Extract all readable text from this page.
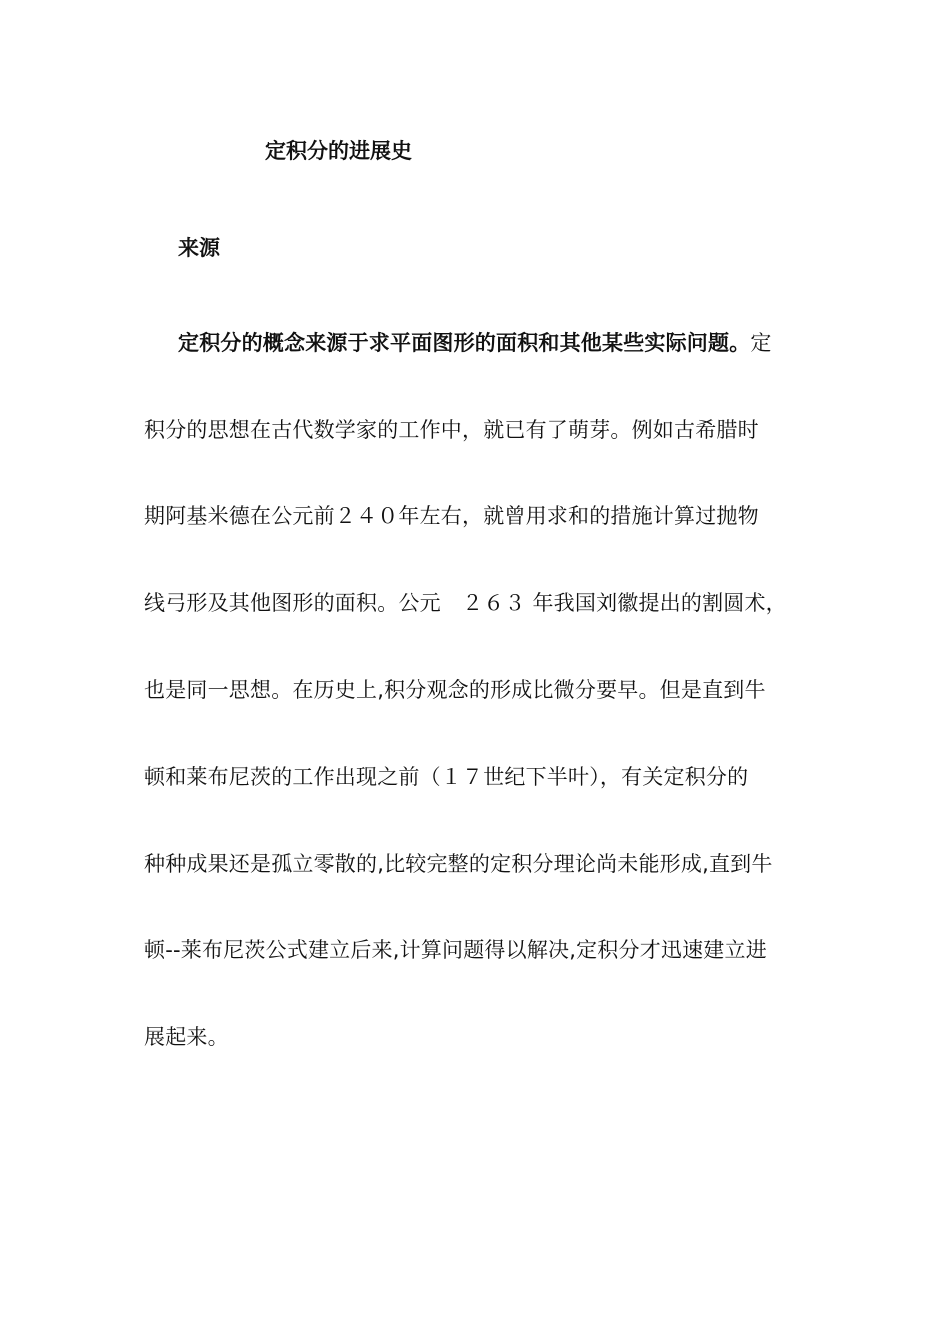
定积分的进展史
来源
定积分的概念来源于求平面图形的面积和其他某些实际问题。定
积分的思想在古代数学家的工作中，就已有了萌芽。例如古希腊时
期阿基米德在公元前２４０年左右，就曾用求和的措施计算过抛物
线弓形及其他图形的面积。公元　２６３ 年我国刘徽提出的割圆术，
也是同一思想。在历史上,积分观念的形成比微分要早。但是直到牛
顿和莱布尼茨的工作出现之前（１７世纪下半叶），有关定积分的
种种成果还是孤立零散的,比较完整的定积分理论尚未能形成,直到牛
顿--莱布尼茨公式建立后来,计算问题得以解决,定积分才迅速建立进
展起来。
